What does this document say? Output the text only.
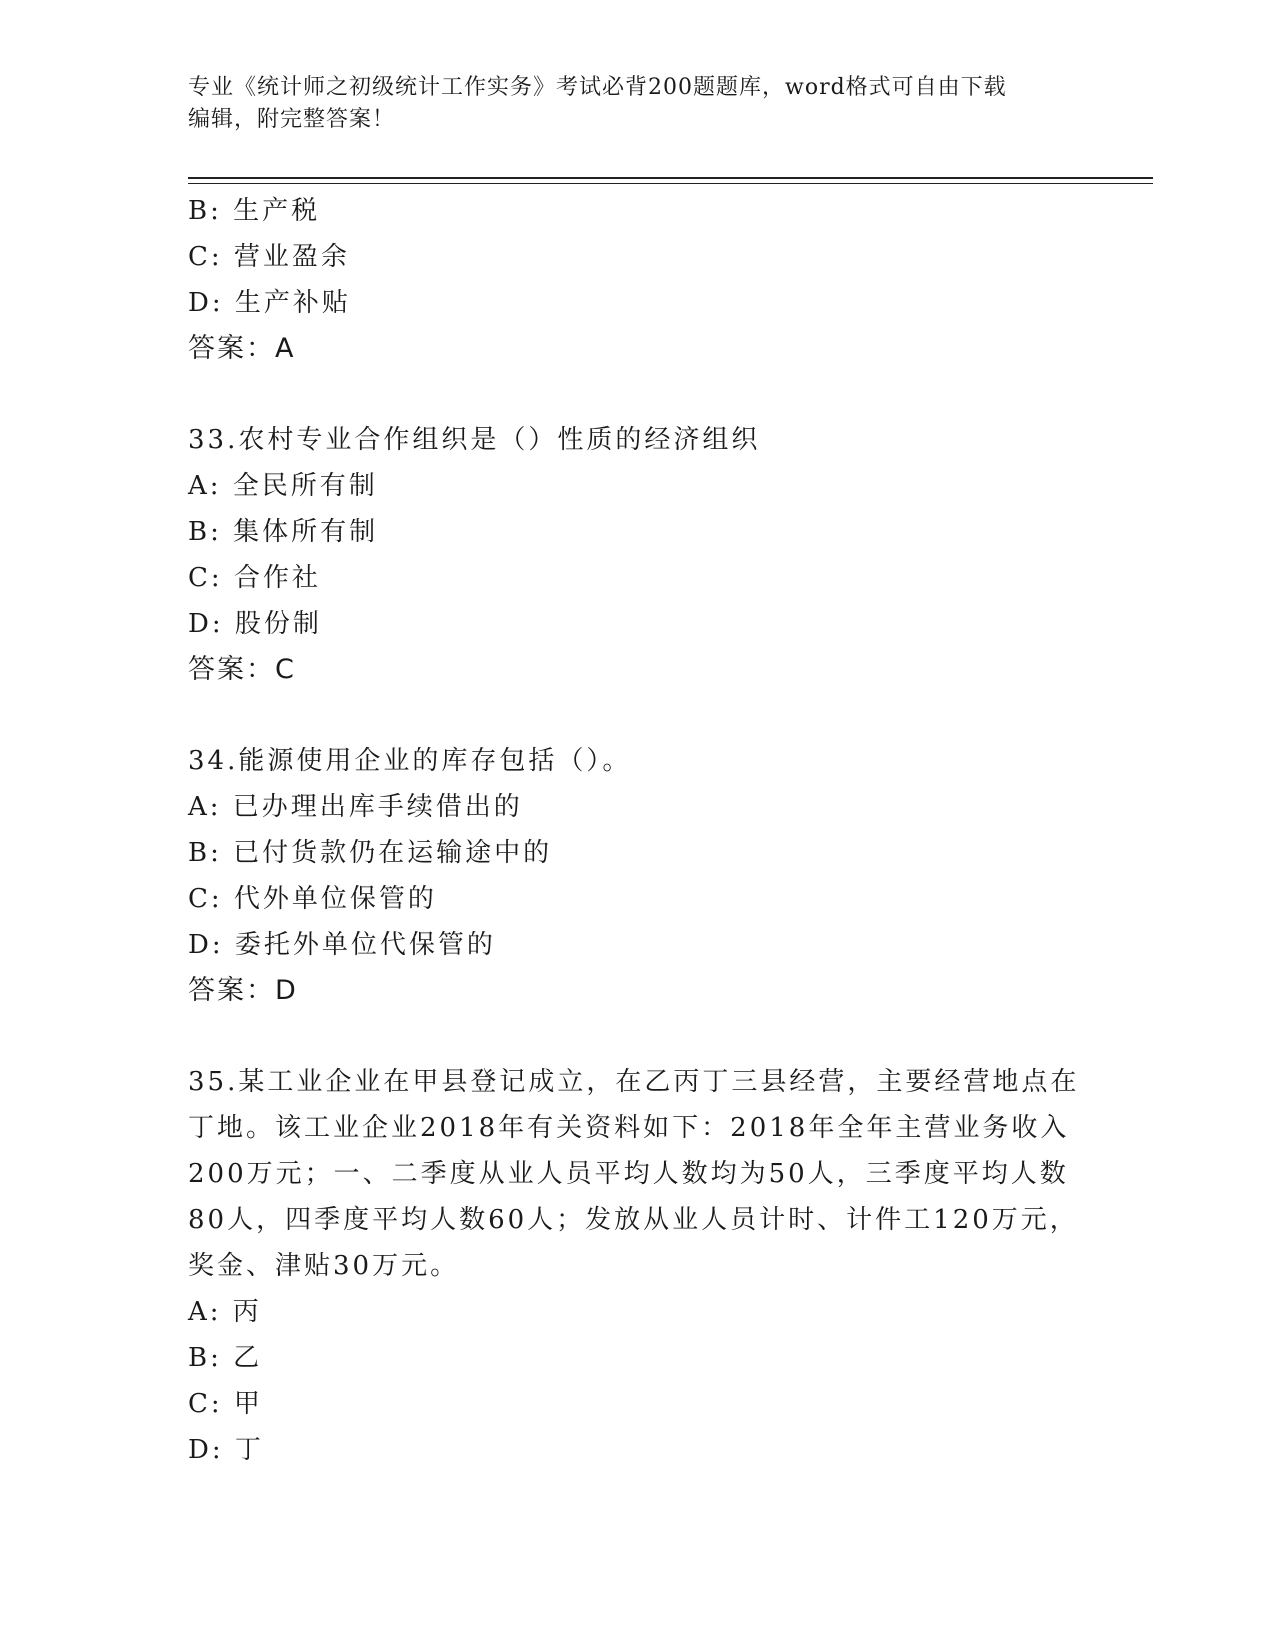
专业《统计师之初级统计工作实务》考试必背200题题库，word格式可自由下载
编辑，附完整答案！
B: 生产税
C: 营业盈余
D: 生产补贴
答案：A
33.农村专业合作组织是（）性质的经济组织
A: 全民所有制
B: 集体所有制
C: 合作社
D: 股份制
答案：C
34.能源使用企业的库存包括（）。
A: 已办理出库手续借出的
B: 已付货款仍在运输途中的
C: 代外单位保管的
D: 委托外单位代保管的
答案：D
35.某工业企业在甲县登记成立，在乙丙丁三县经营，主要经营地点在
丁地。该工业企业2018年有关资料如下：2018年全年主营业务收入
200万元；一、二季度从业人员平均人数均为50人，三季度平均人数
80人，四季度平均人数60人；发放从业人员计时、计件工120万元，
奖金、津贴30万元。
A: 丙
B: 乙
C: 甲
D: 丁
